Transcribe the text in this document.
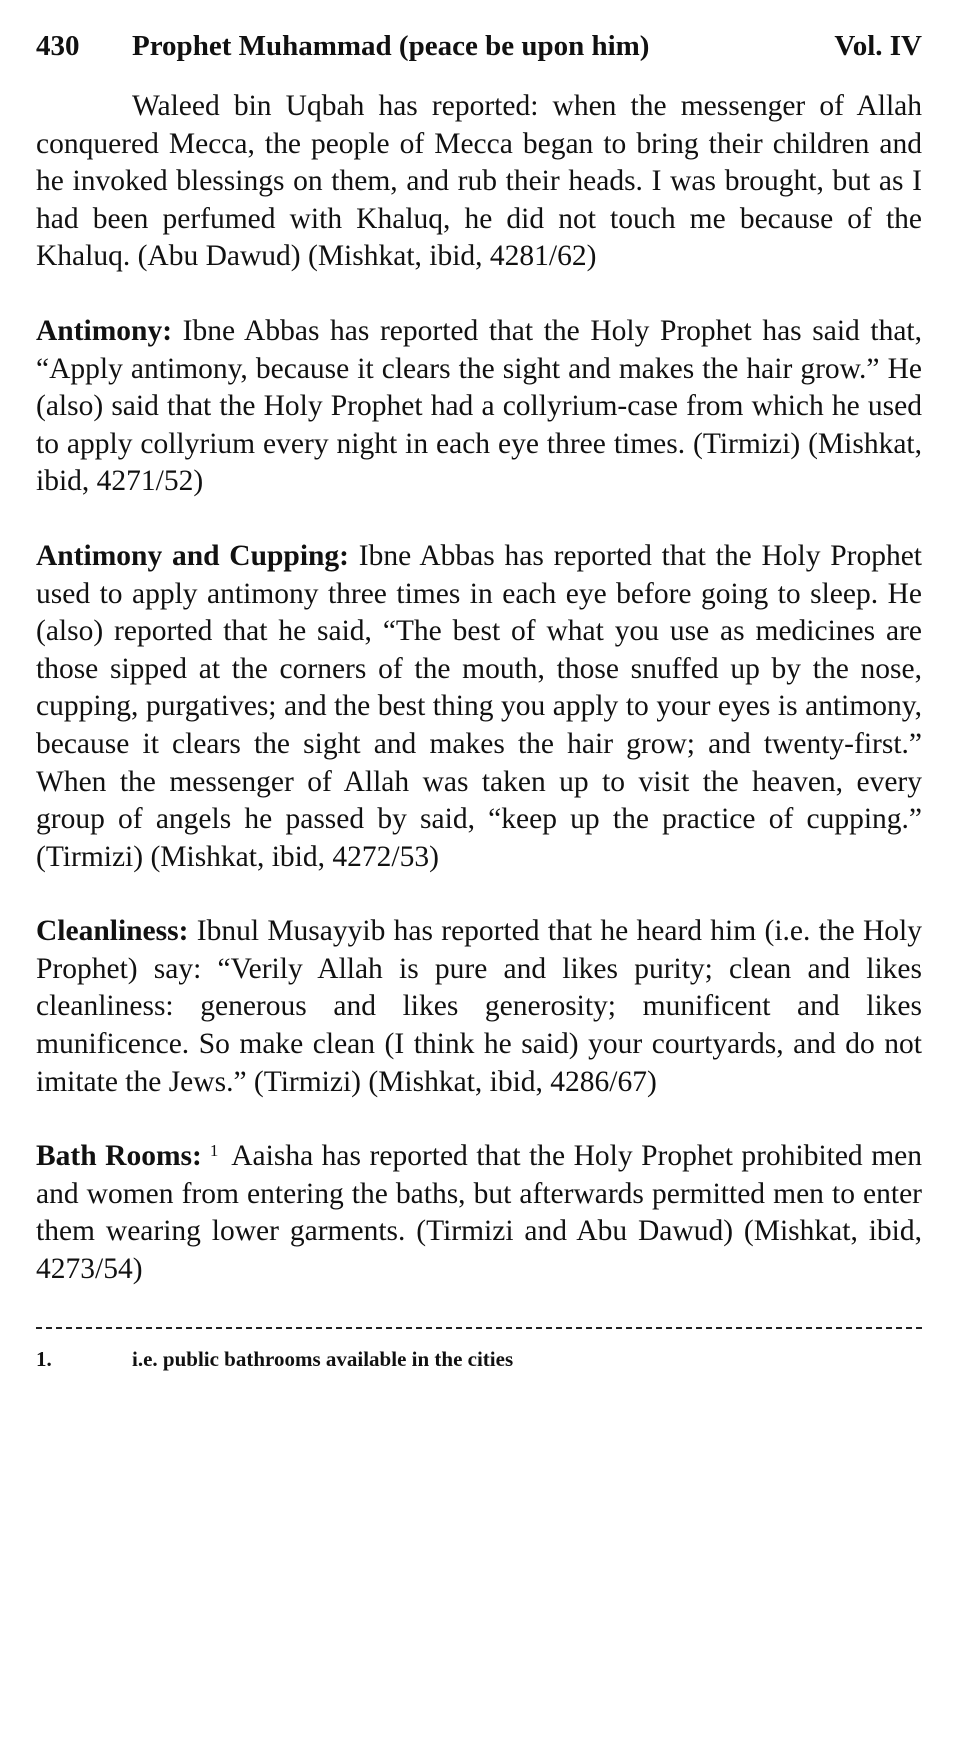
430	Prophet Muhammad (peace be upon him)	Vol. IV

Waleed bin Uqbah has reported: when the messenger of Allah conquered Mecca, the people of Mecca began to bring their children and he invoked blessings on them, and rub their heads. I was brought, but as I had been perfumed with Khaluq, he did not touch me because of the Khaluq. (Abu Dawud) (Mishkat, ibid, 4281/62)

Antimony: Ibne Abbas has reported that the Holy Prophet has said that, “Apply antimony, because it clears the sight and makes the hair grow.” He (also) said that the Holy Prophet had a collyrium-case from which he used to apply collyrium every night in each eye three times. (Tirmizi) (Mishkat, ibid, 4271/52)

Antimony and Cupping: Ibne Abbas has reported that the Holy Prophet used to apply antimony three times in each eye before going to sleep. He (also) reported that he said, “The best of what you use as medicines are those sipped at the corners of the mouth, those snuffed up by the nose, cupping, purgatives; and the best thing you apply to your eyes is antimony, because it clears the sight and makes the hair grow; and twenty-first.” When the messenger of Allah was taken up to visit the heaven, every group of angels he passed by said, “keep up the practice of cupping.” (Tirmizi) (Mishkat, ibid, 4272/53)

Cleanliness: Ibnul Musayyib has reported that he heard him (i.e. the Holy Prophet) say: “Verily Allah is pure and likes purity; clean and likes cleanliness: generous and likes generosity; munificent and likes munificence. So make clean (I think he said) your courtyards, and do not imitate the Jews.” (Tirmizi) (Mishkat, ibid, 4286/67)

Bath Rooms: $^1$ Aaisha has reported that the Holy Prophet prohibited men and women from entering the baths, but afterwards permitted men to enter them wearing lower garments. (Tirmizi and Abu Dawud) (Mishkat, ibid, 4273/54)

1.	i.e. public bathrooms available in the cities
